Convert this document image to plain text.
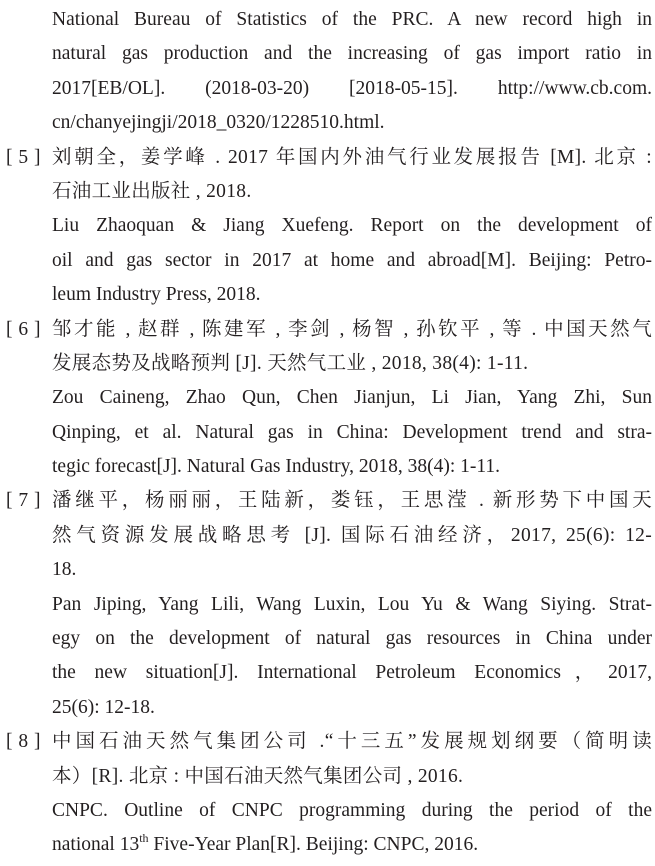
National Bureau of Statistics of the PRC. A new record high in
natural gas production and the increasing of gas import ratio in
2017[EB/OL]. (2018-03-20) [2018-05-15]. http://www.cb.com.
cn/chanyejingji/2018_0320/1228510.html.
[ 5 ] 刘朝全，姜学峰 . 2017 年国内外油气行业发展报告 [M]. 北京 :
石油工业出版社 , 2018.
Liu Zhaoquan & Jiang Xuefeng. Report on the development of
oil and gas sector in 2017 at home and abroad[M]. Beijing: Petro-
leum Industry Press, 2018.
[ 6 ] 邹才能 , 赵群 , 陈建军 , 李剑 , 杨智 , 孙钦平 , 等 . 中国天然气
发展态势及战略预判 [J]. 天然气工业 , 2018, 38(4): 1-11.
Zou Caineng, Zhao Qun, Chen Jianjun, Li Jian, Yang Zhi, Sun
Qinping, et al. Natural gas in China: Development trend and stra-
tegic forecast[J]. Natural Gas Industry, 2018, 38(4): 1-11.
[ 7 ] 潘继平，杨丽丽，王陆新，娄钰，王思滢 . 新形势下中国天
然气资源发展战略思考 [J]. 国际石油经济，2017, 25(6): 12-
18.
Pan Jiping, Yang Lili, Wang Luxin, Lou Yu & Wang Siying. Strat-
egy on the development of natural gas resources in China under
the new situation[J]. International Petroleum Economics，2017,
25(6): 12-18.
[ 8 ] 中国石油天然气集团公司 .“十三五”发展规划纲要（简明读
本）[R]. 北京 : 中国石油天然气集团公司 , 2016.
CNPC. Outline of CNPC programming during the period of the
national 13th Five-Year Plan[R]. Beijing: CNPC, 2016.
